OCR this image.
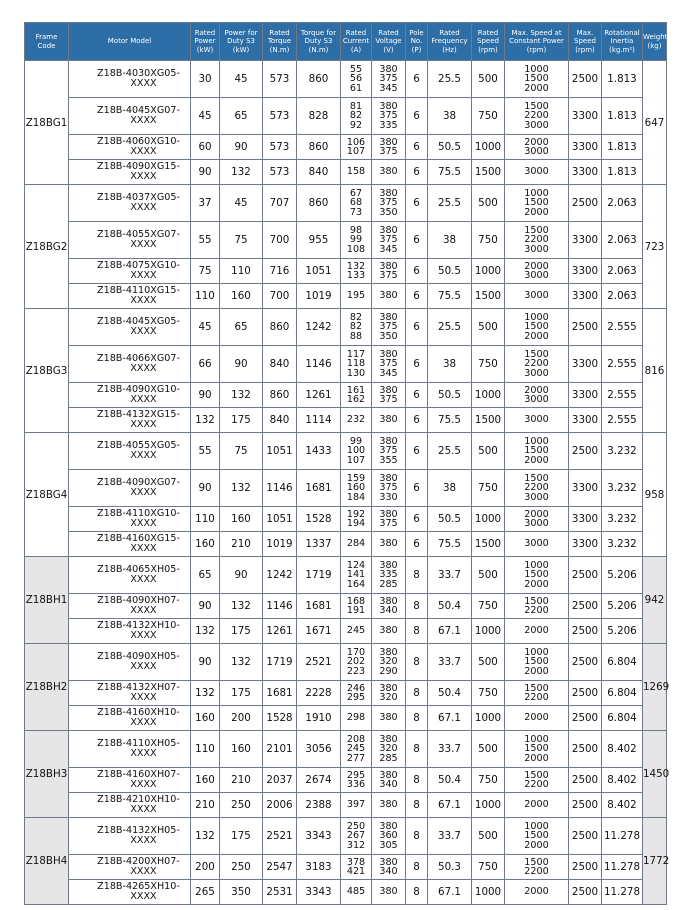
Frame
Code	Motor Model	Rated
Power
(kW)	Power for
Duty S3
(kW)	Rated
Torque
(N.m)	Torque for
Duty S3
(N.m)	Rated
Current
(A)	Rated
Voltage
(V)	Pole
No.
(P)	Rated
Frequency
(Hz)	Rated
Speed
(rpm)	Max. Speed at
Constant Power
(rpm)	Max.
Speed
(rpm)	Rotational
Inertia
(kg.m²)	Weight
(kg)

Z18BG1	Z18B-4030XG05-
XXXX	30	45	573	860	55
56
61	380
375
345	6	25.5	500	1000
1500
2000	2500	1.813	647

	Z18B-4045XG07-
XXXX	45	65	573	828	81
82
92	380
375
335	6	38	750	1500
2200
3000	3300	1.813	

	Z18B-4060XG10-
XXXX	60	90	573	860	106
107	380
375	6	50.5	1000	2000
3000	3300	1.813	

	Z18B-4090XG15-
XXXX	90	132	573	840	158	380	6	75.5	1500	3000	3300	1.813	
Z18BG2	Z18B-4037XG05-
XXXX	37	45	707	860	67
68
73	380
375
350	6	25.5	500	1000
1500
2000	2500	2.063	723

	Z18B-4055XG07-
XXXX	55	75	700	955	98
99
108	380
375
345	6	38	750	1500
2200
3000	3300	2.063	

	Z18B-4075XG10-
XXXX	75	110	716	1051	132
133	380
375	6	50.5	1000	2000
3000	3300	2.063	

	Z18B-4110XG15-
XXXX	110	160	700	1019	195	380	6	75.5	1500	3000	3300	2.063	
Z18BG3	Z18B-4045XG05-
XXXX	45	65	860	1242	82
82
88	380
375
350	6	25.5	500	1000
1500
2000	2500	2.555	816

	Z18B-4066XG07-
XXXX	66	90	840	1146	117
118
130	380
375
345	6	38	750	1500
2200
3000	3300	2.555	

	Z18B-4090XG10-
XXXX	90	132	860	1261	161
162	380
375	6	50.5	1000	2000
3000	3300	2.555	

	Z18B-4132XG15-
XXXX	132	175	840	1114	232	380	6	75.5	1500	3000	3300	2.555	
Z18BG4	Z18B-4055XG05-
XXXX	55	75	1051	1433	99
100
107	380
375
355	6	25.5	500	1000
1500
2000	2500	3.232	958

	Z18B-4090XG07-
XXXX	90	132	1146	1681	159
160
184	380
375
330	6	38	750	1500
2200
3000	3300	3.232	

	Z18B-4110XG10-
XXXX	110	160	1051	1528	192
194	380
375	6	50.5	1000	2000
3000	3300	3.232	

	Z18B-4160XG15-
XXXX	160	210	1019	1337	284	380	6	75.5	1500	3000	3300	3.232	
Z18BH1	Z18B-4065XH05-
XXXX	65	90	1242	1719	124
141
164	380
335
285	8	33.7	500	1000
1500
2000	2500	5.206	942

	Z18B-4090XH07-
XXXX	90	132	1146	1681	168
191	380
340	8	50.4	750	1500
2200	2500	5.206	

	Z18B-4132XH10-
XXXX	132	175	1261	1671	245	380	8	67.1	1000	2000	2500	5.206	
Z18BH2	Z18B-4090XH05-
XXXX	90	132	1719	2521	170
202
223	380
320
290	8	33.7	500	1000
1500
2000	2500	6.804	1269

	Z18B-4132XH07-
XXXX	132	175	1681	2228	246
295	380
320	8	50.4	750	1500
2200	2500	6.804	

	Z18B-4160XH10-
XXXX	160	200	1528	1910	298	380	8	67.1	1000	2000	2500	6.804	
Z18BH3	Z18B-4110XH05-
XXXX	110	160	2101	3056	208
245
277	380
320
285	8	33.7	500	1000
1500
2000	2500	8.402	1450

	Z18B-4160XH07-
XXXX	160	210	2037	2674	295
336	380
340	8	50.4	750	1500
2200	2500	8.402	

	Z18B-4210XH10-
XXXX	210	250	2006	2388	397	380	8	67.1	1000	2000	2500	8.402	
Z18BH4	Z18B-4132XH05-
XXXX	132	175	2521	3343	250
267
312	380
360
305	8	33.7	500	1000
1500
2000	2500	11.278	1772

	Z18B-4200XH07-
XXXX	200	250	2547	3183	378
421	380
340	8	50.3	750	1500
2200	2500	11.278	

	Z18B-4265XH10-
XXXX	265	350	2531	3343	485	380	8	67.1	1000	2000	2500	11.278	
